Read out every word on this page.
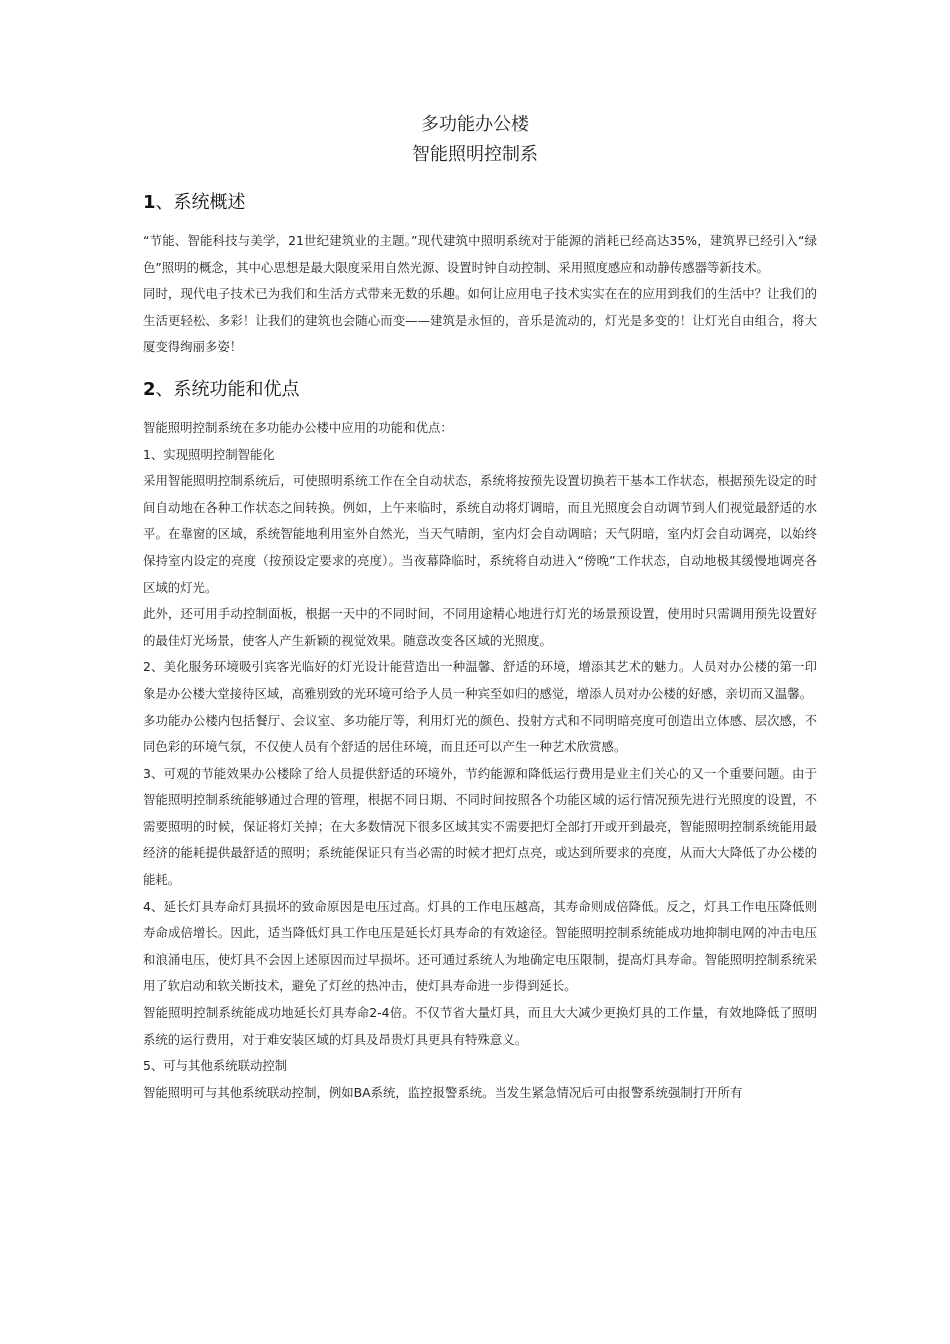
多功能办公楼
智能照明控制系
1、系统概述

“节能、智能科技与美学，21世纪建筑业的主题。”现代建筑中照明系统对于能源的消耗已经高达35%，建筑界已经引入“绿色”照明的概念，其中心思想是最大限度采用自然光源、设置时钟自动控制、采用照度感应和动静传感器等新技术。

同时，现代电子技术已为我们和生活方式带来无数的乐趣。如何让应用电子技术实实在在的应用到我们的生活中？让我们的生活更轻松、多彩！让我们的建筑也会随心而变——建筑是永恒的，音乐是流动的，灯光是多变的！让灯光自由组合，将大厦变得绚丽多姿！

2、系统功能和优点

智能照明控制系统在多功能办公楼中应用的功能和优点：

1、实现照明控制智能化

采用智能照明控制系统后，可使照明系统工作在全自动状态，系统将按预先设置切换若干基本工作状态，根据预先设定的时间自动地在各种工作状态之间转换。例如，上午来临时，系统自动将灯调暗，而且光照度会自动调节到人们视觉最舒适的水平。在靠窗的区域，系统智能地利用室外自然光，当天气晴朗，室内灯会自动调暗；天气阴暗，室内灯会自动调亮，以始终保持室内设定的亮度（按预设定要求的亮度）。当夜幕降临时，系统将自动进入“傍晚”工作状态，自动地极其缓慢地调亮各区域的灯光。

此外，还可用手动控制面板，根据一天中的不同时间，不同用途精心地进行灯光的场景预设置，使用时只需调用预先设置好的最佳灯光场景，使客人产生新颖的视觉效果。随意改变各区域的光照度。

2、美化服务环境吸引宾客光临好的灯光设计能营造出一种温馨、舒适的环境，增添其艺术的魅力。人员对办公楼的第一印象是办公楼大堂接待区域，高雅别致的光环境可给予人员一种宾至如归的感觉，增添人员对办公楼的好感，亲切而又温馨。

多功能办公楼内包括餐厅、会议室、多功能厅等，利用灯光的颜色、投射方式和不同明暗亮度可创造出立体感、层次感，不同色彩的环境气氛，不仅使人员有个舒适的居住环境，而且还可以产生一种艺术欣赏感。

3、可观的节能效果办公楼除了给人员提供舒适的环境外，节约能源和降低运行费用是业主们关心的又一个重要问题。由于智能照明控制系统能够通过合理的管理，根据不同日期、不同时间按照各个功能区域的运行情况预先进行光照度的设置，不需要照明的时候，保证将灯关掉；在大多数情况下很多区域其实不需要把灯全部打开或开到最亮，智能照明控制系统能用最经济的能耗提供最舒适的照明；系统能保证只有当必需的时候才把灯点亮，或达到所要求的亮度，从而大大降低了办公楼的能耗。

4、延长灯具寿命灯具损坏的致命原因是电压过高。灯具的工作电压越高，其寿命则成倍降低。反之，灯具工作电压降低则寿命成倍增长。因此，适当降低灯具工作电压是延长灯具寿命的有效途径。智能照明控制系统能成功地抑制电网的冲击电压和浪涌电压，使灯具不会因上述原因而过早损坏。还可通过系统人为地确定电压限制，提高灯具寿命。智能照明控制系统采用了软启动和软关断技术，避免了灯丝的热冲击，使灯具寿命进一步得到延长。

智能照明控制系统能成功地延长灯具寿命2-4倍。不仅节省大量灯具，而且大大减少更换灯具的工作量，有效地降低了照明系统的运行费用，对于难安装区域的灯具及昂贵灯具更具有特殊意义。

5、可与其他系统联动控制

智能照明可与其他系统联动控制，例如BA系统，监控报警系统。当发生紧急情况后可由报警系统强制打开所有
